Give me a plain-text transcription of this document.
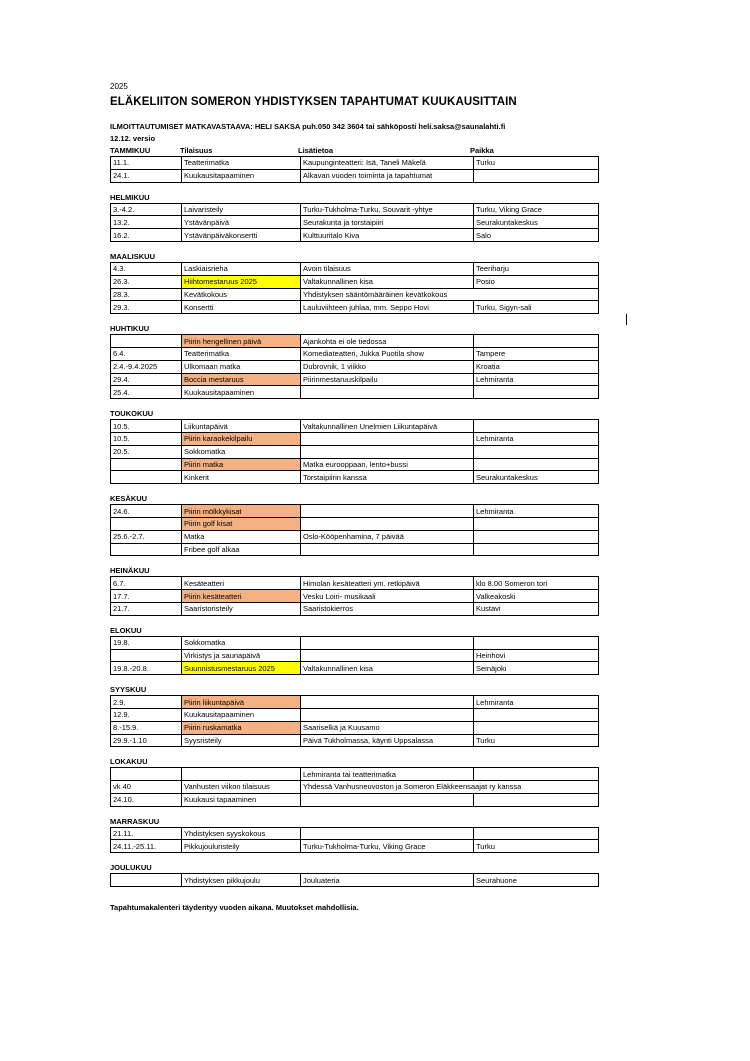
2025
ELÄKELIITON SOMERON YHDISTYKSEN TAPAHTUMAT KUUKAUSITTAIN
ILMOITTAUTUMISET MATKAVASTAAVA: HELI SAKSA puh.050 342 3604 tai sähköposti heli.saksa@saunalahti.fi
12.12. versio
TAMMIKUU	Tilaisuus	Lisätietoa	Paikka
11.1.	Teatterimatka	Kaupunginteatteri: Isä, Taneli Mäkelä	Turku
24.1.	Kuukausitapaaminen	Alkavan vuoden toiminta ja tapahtumat	
HELMIKUU
3.-4.2.	Laivaristeily	Turku-Tukholma-Turku, Souvarit -yhtye	Turku, Viking Grace
13.2.	Ystävänpäivä	Seurakunta ja torstaipiiri	Seurakuntakeskus
16.2.	Ystävänpäiväkonsertti	Kulttuuritalo Kiva	Salo
MAALISKUU
4.3.	Laskiaisrieha	Avoin tilaisuus	Teeriharju
26.3.	Hiihtomestaruus 2025	Valtakunnallinen kisa	Posio
28.3.	Kevätkokous	Yhdistyksen sääntömääräinen kevätkokous	
29.3.	Konsertti	Lauluviihteen juhlaa, mm. Seppo Hovi	Turku, Sigyn-sali
HUHTIKUU
	Piirin hengellinen päivä	Ajankohta ei ole tiedossa	
6.4.	Teatterimatka	Komediateatteri, Jukka Puotila show	Tampere
2.4.-9.4.2025	Ulkomaan matka	Dubrovnik, 1 viikko	Kroatia
29.4.	Boccia mestaruus	Piirinmestaruuskilpailu	Lehmiranta
25.4.	Kuukausitapaaminen		
TOUKOKUU
10.5.	Liikuntapäivä	Valtakunnallinen Unelmien Liikuntapäivä	
10.5.	Piirin karaokekilpailu		Lehmiranta
20.5.	Sokkomatka		
	Piirin matka	Matka eurooppaan, lento+bussi	
	Kinkerit	Torstaipiirin kanssa	Seurakuntakeskus
KESÄKUU
24.6.	Piirin mölkkykisat		Lehmiranta
	Piirin golf kisat		
25.6.-2.7.	Matka	Oslo-Kööpenhamina, 7 päivää	
	Fribee golf alkaa		
HEINÄKUU
6.7.	Kesäteatteri	Himolan kesäteatteri ym. retkipäivä	klo 8.00 Someron tori
17.7.	Piirin kesäteatteri	Vesku Loiri- musikaali	Valkeakoski
21.7.	Saaristoristeily	Saaristokierros	Kustavi
ELOKUU
19.8.	Sokkomatka		
	Virkistys ja saunapäivä		Heinhovi
19.8.-20.8.	Suunnistusmestaruus 2025	Valtakunnallinen kisa	Seinäjoki
SYYSKUU
2.9.	Piirin liikuntapäivä		Lehmiranta
12.9.	Kuukausitapaaminen		
8.-15.9.	Piirin ruskamatka	Saariselkä ja Kuusamo	
29.9.-1.10	Syysristeily	Päivä Tukholmassa, käynti Uppsalassa	Turku
LOKAKUU
		Lehmiranta tai teatterimatka	
vk 40	Vanhusten viikon tilaisuus	Yhdessä Vanhusneuvoston ja Someron Eläkkeensaajat ry kanssa	
24.10.	Kuukausi tapaaminen		
MARRASKUU
21.11.	Yhdistyksen syyskokous		
24.11.-25.11.	Pikkujouluristeily	Turku-Tukholma-Turku, Viking Grace	Turku
JOULUKUU
	Yhdistyksen pikkujoulu	Jouluateria	Seurahuone
Tapahtumakalenteri täydentyy vuoden aikana. Muutokset mahdollisia.
